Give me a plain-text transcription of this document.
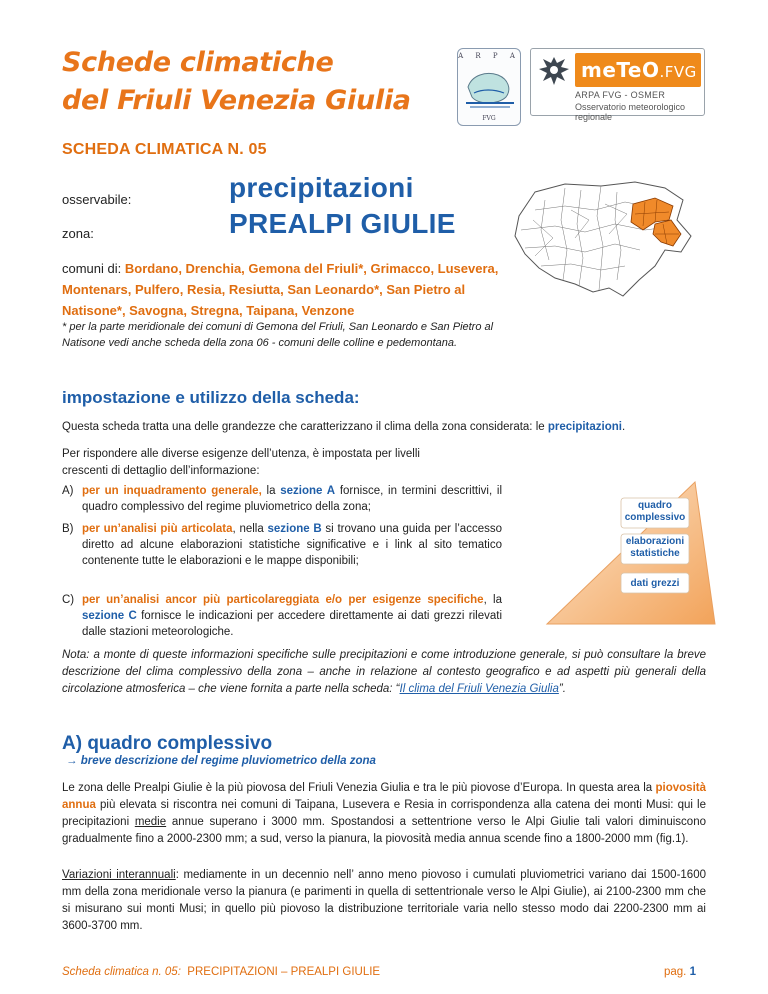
Schede climatiche
del Friuli Venezia Giulia
A R P A
FVG
meTeO.FVG
ARPA FVG - OSMER
Osservatorio meteorologico regionale
SCHEDA CLIMATICA N. 05
osservabile:	precipitazioni
zona:	PREALPI GIULIE
comuni di: Bordano, Drenchia, Gemona del Friuli*, Grimacco, Lusevera, Montenars, Pulfero, Resia, Resiutta, San Leonardo*, San Pietro al Natisone*, Savogna, Stregna, Taipana, Venzone
* per la parte meridionale dei comuni di Gemona del Friuli, San Leonardo e San Pietro al Natisone vedi anche scheda della zona 06 - comuni delle colline e pedemontana.
impostazione e utilizzo della scheda:
Questa scheda tratta una delle grandezze che caratterizzano il clima della zona considerata: le precipitazioni.
Per rispondere alle diverse esigenze dell’utenza, è impostata per livelli
crescenti di dettaglio dell’informazione:
A) per un inquadramento generale, la sezione A fornisce, in termini descrittivi, il quadro complessivo del regime pluviometrico della zona;
B) per un’analisi più articolata, nella sezione B si trovano una guida per l’accesso diretto ad alcune elaborazioni statistiche significative e i link al sito tematico contenente tutte le elaborazioni e le mappe disponibili;
C) per un’analisi ancor più particolareggiata e/o per esigenze specifiche, la sezione C fornisce le indicazioni per accedere direttamente ai dati grezzi rilevati dalle stazioni meteorologiche.
quadro complessivo
elaborazioni statistiche
dati grezzi
Nota: a monte di queste informazioni specifiche sulle precipitazioni e come introduzione generale, si può consultare la breve descrizione del clima complessivo della zona – anche in relazione al contesto geografico e ad aspetti più generali della circolazione atmosferica – che viene fornita a parte nella scheda: “Il clima del Friuli Venezia Giulia”.
A) quadro complessivo
→ breve descrizione del regime pluviometrico della zona
Le zona delle Prealpi Giulie è la più piovosa del Friuli Venezia Giulia e tra le più piovose d’Europa. In questa area la piovosità annua più elevata si riscontra nei comuni di Taipana, Lusevera e Resia in corrispondenza alla catena dei monti Musi: qui le precipitazioni medie annue superano i 3000 mm. Spostandosi a settentrione verso le Alpi Giulie tali valori diminuiscono gradualmente fino a 2000-2300 mm; a sud, verso la pianura, la piovosità media annua scende fino a 1800-2000 mm (fig.1).
Variazioni interannuali: mediamente in un decennio nell’ anno meno piovoso i cumulati pluviometrici variano dai 1500-1600 mm della zona meridionale verso la pianura (e parimenti in quella di settentrionale verso le Alpi Giulie), ai 2100-2300 mm che si misurano sui monti Musi; in quello più piovoso la distribuzione territoriale varia nello stesso modo dai 2200-2300 mm ai 3600-3700 mm.
Scheda climatica n. 05: PRECIPITAZIONI – PREALPI GIULIE	pag. 1
